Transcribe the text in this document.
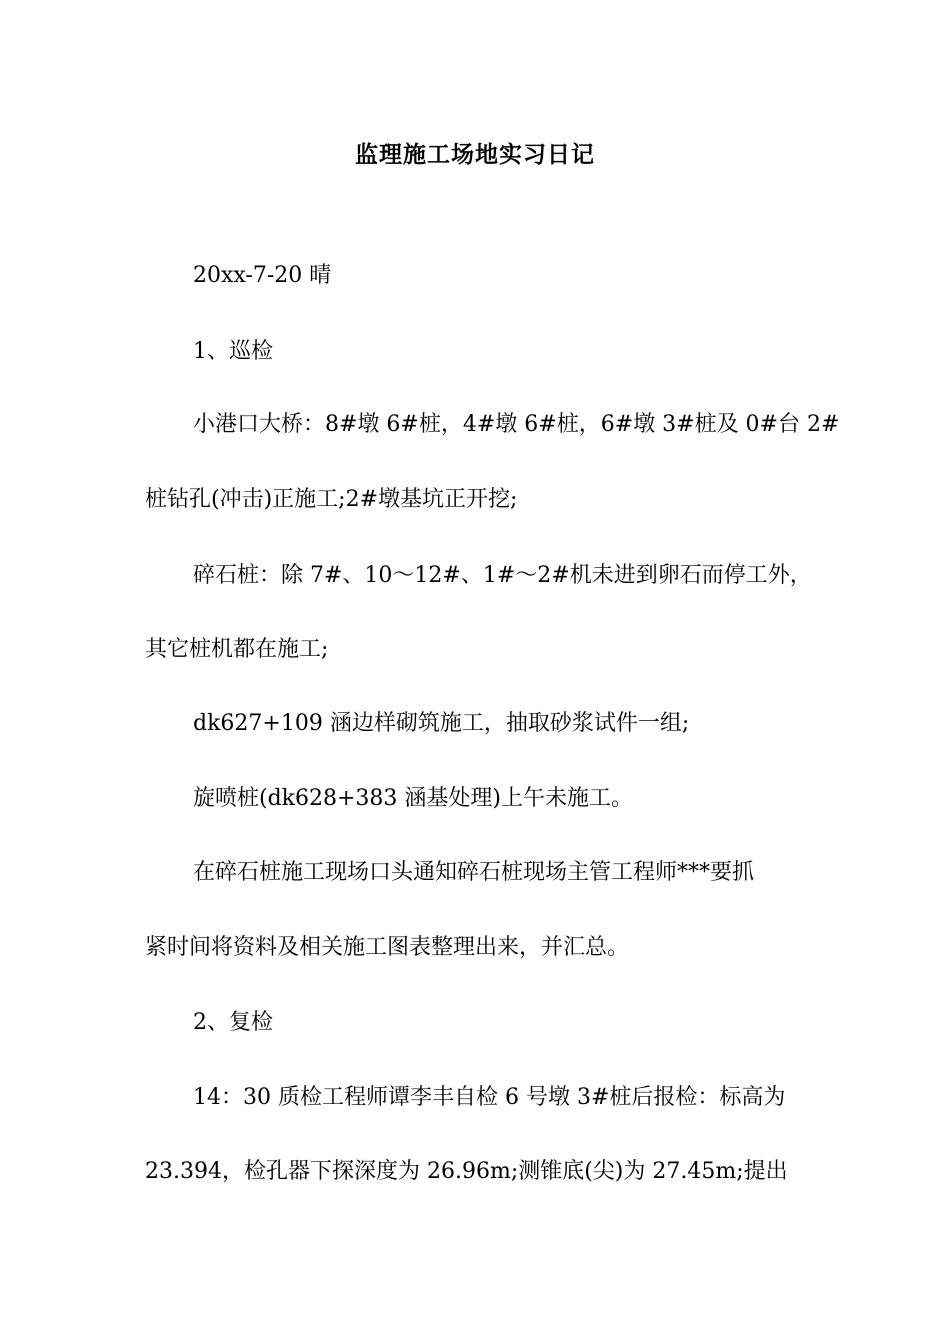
监理施工场地实习日记
20xx-7-20 晴
1、巡检
小港口大桥：8#墩 6#桩，4#墩 6#桩，6#墩 3#桩及 0#台 2#
桩钻孔(冲击)正施工;2#墩基坑正开挖;
碎石桩：除 7#、10～12#、1#～2#机未进到卵石而停工外，
其它桩机都在施工;
dk627+109 涵边样砌筑施工，抽取砂浆试件一组;
旋喷桩(dk628+383 涵基处理)上午未施工。
在碎石桩施工现场口头通知碎石桩现场主管工程师***要抓
紧时间将资料及相关施工图表整理出来，并汇总。
2、复检
14：30 质检工程师谭李丰自检 6 号墩 3#桩后报检：标高为
23.394，检孔器下探深度为 26.96m;测锥底(尖)为 27.45m;提出
